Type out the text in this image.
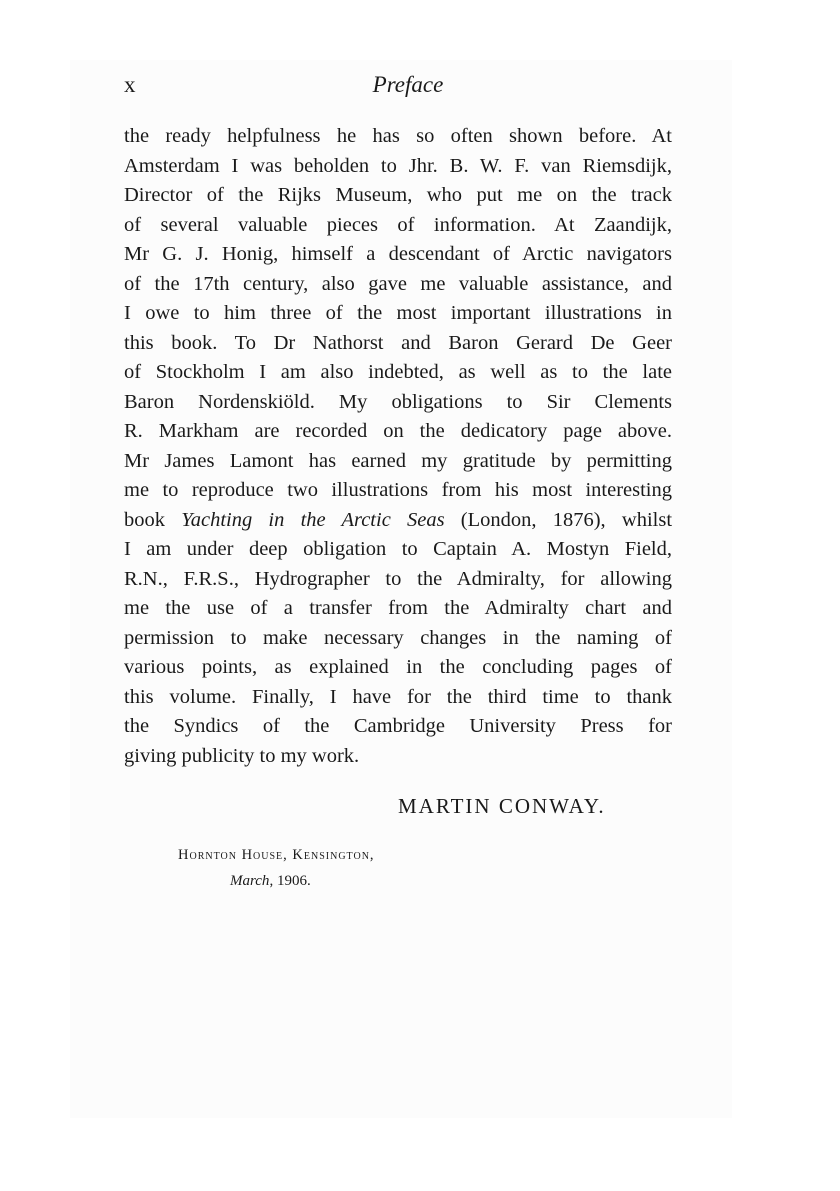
x	Preface
the ready helpfulness he has so often shown before. At
Amsterdam I was beholden to Jhr. B. W. F. van Riemsdijk,
Director of the Rijks Museum, who put me on the track
of several valuable pieces of information. At Zaandijk,
Mr G. J. Honig, himself a descendant of Arctic navigators
of the 17th century, also gave me valuable assistance, and
I owe to him three of the most important illustrations in
this book. To Dr Nathorst and Baron Gerard De Geer
of Stockholm I am also indebted, as well as to the late
Baron Nordenskiöld. My obligations to Sir Clements
R. Markham are recorded on the dedicatory page above.
Mr James Lamont has earned my gratitude by permitting
me to reproduce two illustrations from his most interesting
book Yachting in the Arctic Seas (London, 1876), whilst
I am under deep obligation to Captain A. Mostyn Field,
R.N., F.R.S., Hydrographer to the Admiralty, for allowing
me the use of a transfer from the Admiralty chart and
permission to make necessary changes in the naming of
various points, as explained in the concluding pages of
this volume. Finally, I have for the third time to thank
the Syndics of the Cambridge University Press for
giving publicity to my work.
MARTIN CONWAY.
Hornton House, Kensington,
March, 1906.
